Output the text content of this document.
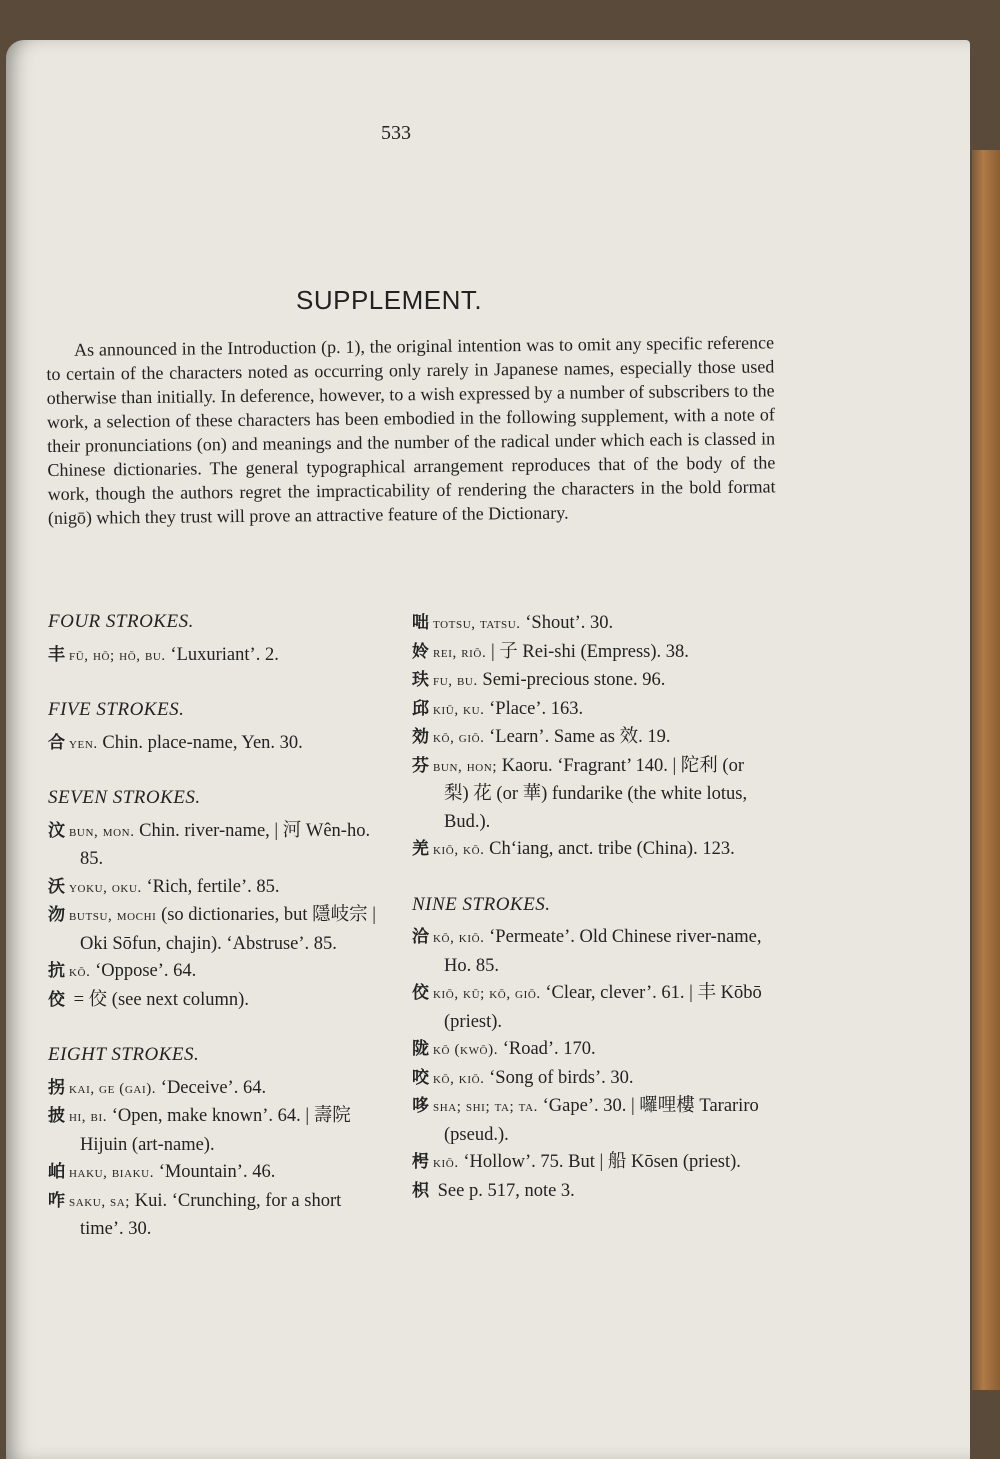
533
SUPPLEMENT.

As announced in the Introduction (p. 1), the original intention was to omit any specific reference to certain of the characters noted as occurring only rarely in Japanese names, especially those used otherwise than initially. In deference, however, to a wish expressed by a number of subscribers to the work, a selection of these characters has been embodied in the following supplement, with a note of their pronunciations (on) and meanings and the number of the radical under which each is classed in Chinese dictionaries. The general typographical arrangement reproduces that of the body of the work, though the authors regret the impracticability of rendering the characters in the bold format (nigō) which they trust will prove an attractive feature of the Dictionary.

FOUR STROKES.

丰 fū, hō; hō, bu. ‘Luxuriant’. 2.

FIVE STROKES.

合 yen. Chin. place-name, Yen. 30.

SEVEN STROKES.

汶 bun, mon. Chin. river-name, | 河 Wên-ho. 85.

沃 yoku, oku. ‘Rich, fertile’. 85.

沕 butsu, mochi (so dictionaries, but 隱岐宗 | Oki Sōfun, chajin). ‘Abstruse’. 85.

抗 kō. ‘Oppose’. 64.

佼 = 佼 (see next column).

EIGHT STROKES.

拐 kai, ge (gai). ‘Deceive’. 64.

披 hi, bi. ‘Open, make known’. 64. | 壽院 Hijuin (art-name).

岶 haku, biaku. ‘Mountain’. 46.

咋 saku, sa; Kui. ‘Crunching, for a short time’. 30.

咄 totsu, tatsu. ‘Shout’. 30.

姈 rei, riō. | 子 Rei-shi (Empress). 38.

玞 fu, bu. Semi-precious stone. 96.

邱 kiū, ku. ‘Place’. 163.

効 kō, giō. ‘Learn’. Same as 效. 19.

芬 bun, hon; Kaoru. ‘Fragrant’ 140. | 陀利 (or 梨) 花 (or 華) fundarike (the white lotus, Bud.).

羌 kiō, kō. Ch‘iang, anct. tribe (China). 123.

NINE STROKES.

洽 kō, kiō. ‘Permeate’. Old Chinese river-name, Ho. 85.

佼 kiō, kū; kō, giō. ‘Clear, clever’. 61. | 丰 Kōbō (priest).

陇 kō (kwō). ‘Road’. 170.

咬 kō, kiō. ‘Song of birds’. 30.

哆 sha; shi; ta; ta. ‘Gape’. 30. | 囉哩樓 Tarariro (pseud.).

枵 kiō. ‘Hollow’. 75. But | 船 Kōsen (priest).

枳 See p. 517, note 3.
